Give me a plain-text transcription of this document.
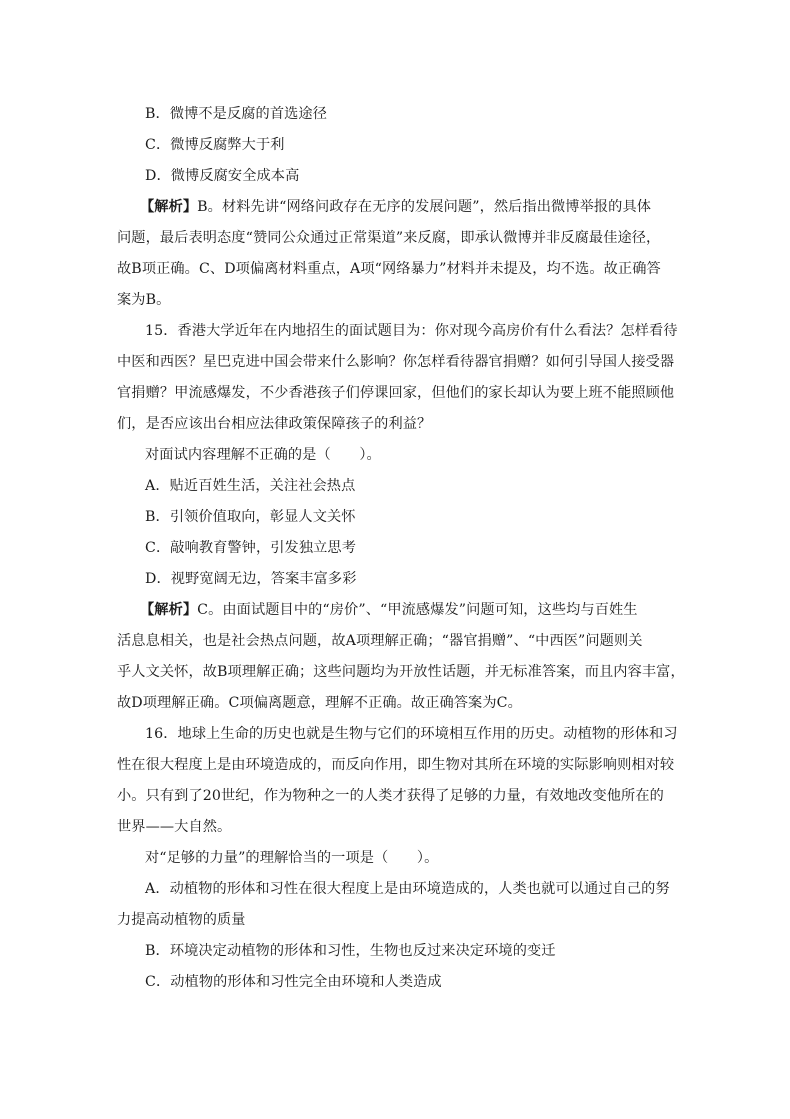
B．微博不是反腐的首选途径
C．微博反腐弊大于利
D．微博反腐安全成本高
【解析】B。材料先讲“网络问政存在无序的发展问题”，然后指出微博举报的具体
问题，最后表明态度“赞同公众通过正常渠道”来反腐，即承认微博并非反腐最佳途径，
故B项正确。C、D项偏离材料重点，A项“网络暴力”材料并未提及，均不选。故正确答
案为B。
15．香港大学近年在内地招生的面试题目为：你对现今高房价有什么看法？怎样看待
中医和西医？星巴克进中国会带来什么影响？你怎样看待器官捐赠？如何引导国人接受器
官捐赠？甲流感爆发，不少香港孩子们停课回家，但他们的家长却认为要上班不能照顾他
们，是否应该出台相应法律政策保障孩子的利益？
对面试内容理解不正确的是（　　）。
A．贴近百姓生活，关注社会热点
B．引领价值取向，彰显人文关怀
C．敲响教育警钟，引发独立思考
D．视野宽阔无边，答案丰富多彩
【解析】C。由面试题目中的“房价”、“甲流感爆发”问题可知，这些均与百姓生
活息息相关，也是社会热点问题，故A项理解正确；“器官捐赠”、“中西医”问题则关
乎人文关怀，故B项理解正确；这些问题均为开放性话题，并无标准答案，而且内容丰富，
故D项理解正确。C项偏离题意，理解不正确。故正确答案为C。
16．地球上生命的历史也就是生物与它们的环境相互作用的历史。动植物的形体和习
性在很大程度上是由环境造成的，而反向作用，即生物对其所在环境的实际影响则相对较
小。只有到了20世纪，作为物种之一的人类才获得了足够的力量，有效地改变他所在的
世界——大自然。
对“足够的力量”的理解恰当的一项是（　　）。
A．动植物的形体和习性在很大程度上是由环境造成的，人类也就可以通过自己的努
力提高动植物的质量
B．环境决定动植物的形体和习性，生物也反过来决定环境的变迁
C．动植物的形体和习性完全由环境和人类造成
